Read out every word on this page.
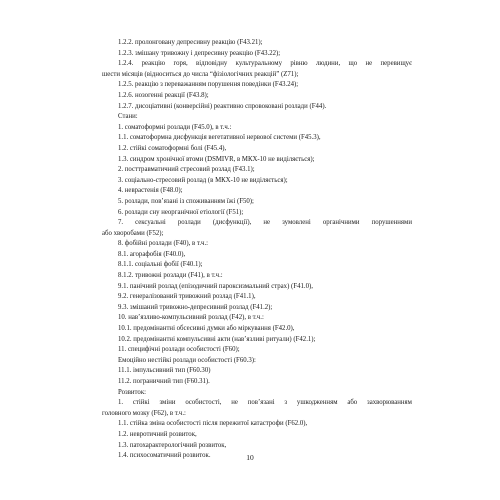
1.2.2. пролонговану депресивну реакцію (F43.21);
1.2.3. змішану тривожну і депресивну реакцію (F43.22);
1.2.4. реакцію горя, відповідну культуральному рівню людини, що не перевищує
шести місяців (відноситься до числа “фізіологічних реакцій” (Z71);
1.2.5. реакцію з переважанням порушення поведінки (F43.24);
1.2.6. нозогенні реакції (F43.8);
1.2.7. дисоціативні (конверсійні) реактивно спровоковані розлади (F44).
Стани:
1. соматоформні розлади (F45.0), в т.ч.:
1.1. соматоформна дисфункція вегетативної нервової системи (F45.3),
1.2. стійкі соматоформні болі (F45.4),
1.3. синдром хронічної втоми (DSMIVR, в МКХ-10 не виділяється);
2. посттравматичний стресовий розлад (F43.1);
3. соціально-стресовий розлад (в МКХ-10 не виділяється);
4. неврастенія (F48.0);
5. розлади, пов’язані із споживанням їжі (F50);
6. розлади сну неорганічної етіології (F51);
7. сексуальні розлади (дисфункції), не зумовлені органічними порушеннями
або хворобами (F52);
8. фобійні розлади (F40), в т.ч.:
8.1. агорафобія (F40.0),
8.1.1. соціальні фобії (F40.1);
8.1.2. тривожні розлади (F41), в т.ч.:
9.1. панічний розлад (епізодичний пароксизмальний страх) (F41.0),
9.2. генералізований тривожний розлад (F41.1),
9.3. змішаний тривожно-депресивний розлад (F41.2);
10. нав’язливо-компульсивний розлад (F42), в т.ч.:
10.1. предомінантні обсесивні думки або міркування (F42.0),
10.2. предомінантні компульсивні акти (нав’язливі ритуали) (F42.1);
11. специфічні розлади особистості (F60);
Емоційно нестійкі розлади особистості (F60.3):
11.1. імпульсивний тип (F60.30)
11.2. пограничний тип (F60.31).
Розвиток:
1. стійкі зміни особистості, не пов’язані з ушкодженням або захворюванням
головного мозку (F62), в т.ч.:
1.1. стійка зміна особистості після пережитої катастрофи (F62.0),
1.2. невротичний розвиток,
1.3. патохарактерологічний розвиток,
1.4. психосоматичний розвиток.	10
